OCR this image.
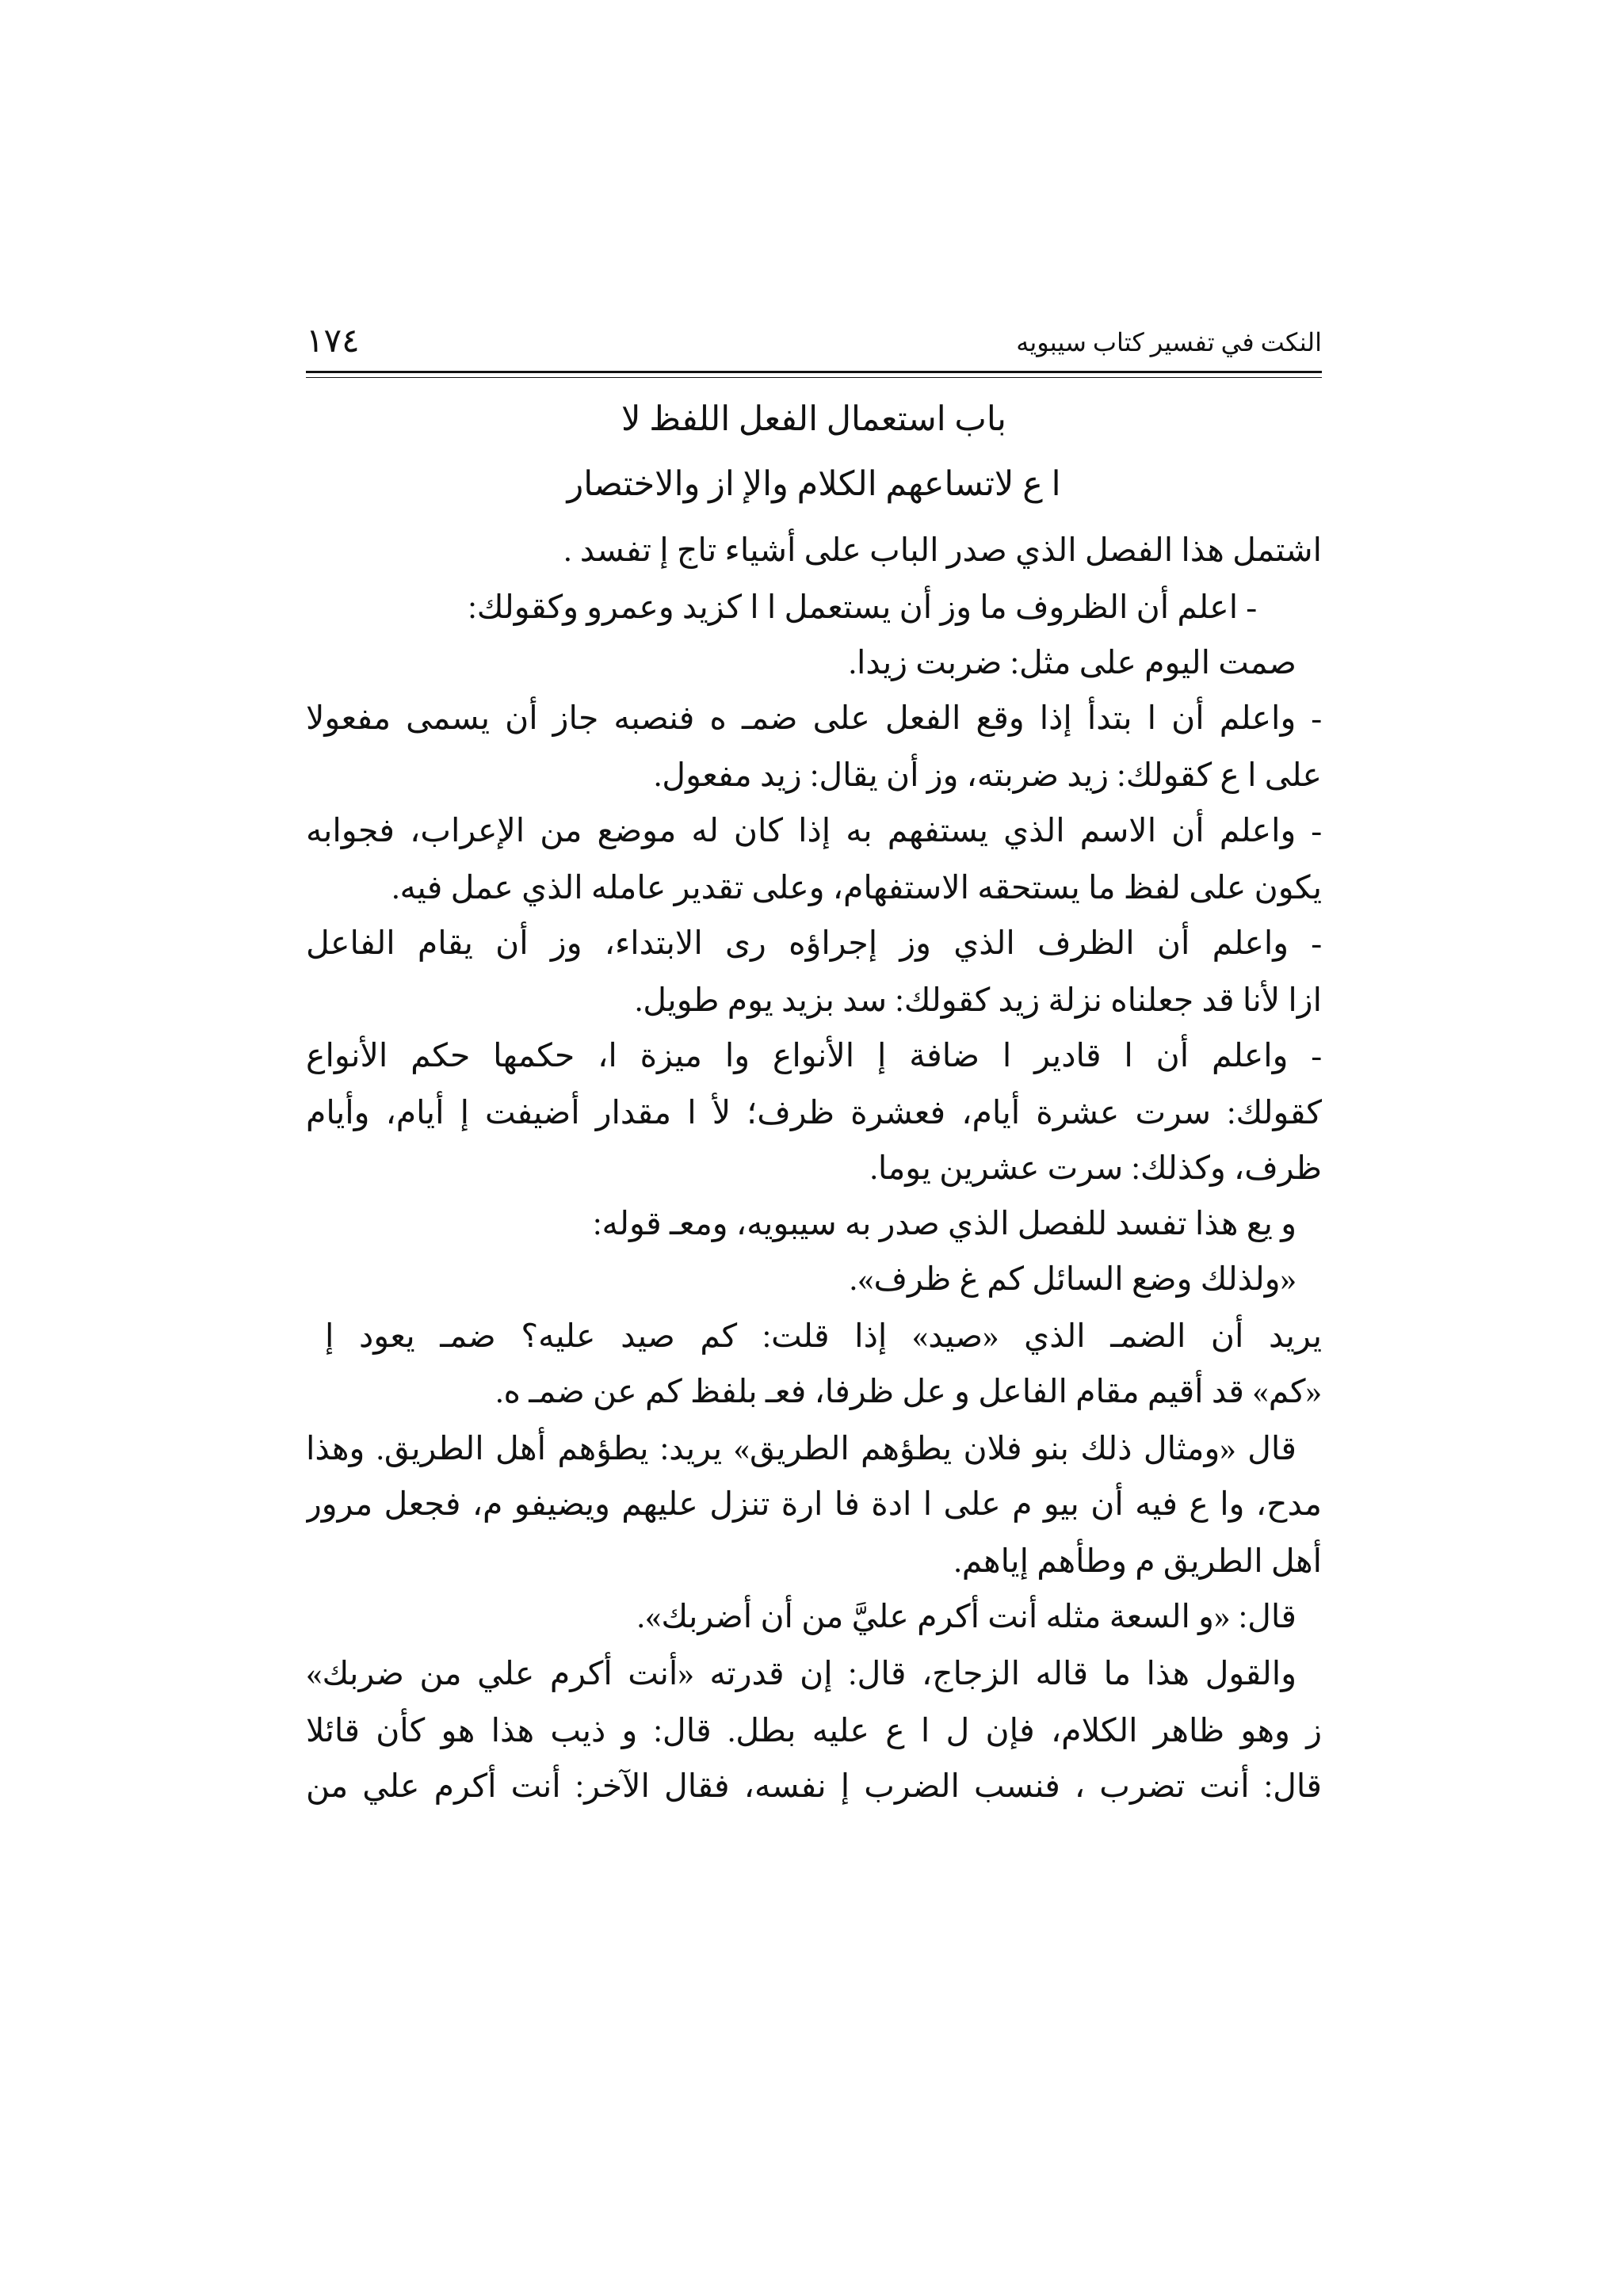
١٧٤	النكت في تفسير كتاب سيبويه
باب استعمال الفعل اللفظ لا
ا ع لاتساعهم الكلام والإ از والاختصار
اشتمل هذا الفصل الذي صدر الباب على أشياء تاج إ تفسد .
- اعلم أن الظروف ما وز أن يستعمل ا ا كزيد وعمرو وكقولك:
صمت اليوم على مثل: ضربت زيدا.
- واعلم أن ا بتدأ إذا وقع الفعل على ضمـ ه فنصبه جاز أن يسمى مفعولا
على ا ع كقولك: زيد ضربته، وز أن يقال: زيد مفعول.
- واعلم أن الاسم الذي يستفهم به إذا كان له موضع من الإعراب، فجوابه
يكون على لفظ ما يستحقه الاستفهام، وعلى تقدير عامله الذي عمل فيه.
- واعلم أن الظرف الذي وز إجراؤه رى الابتداء، وز أن يقام الفاعل
ازا لأنا قد جعلناه نزلة زيد كقولك: سد بزيد يوم طويل.
- واعلم أن ا قادير ا ضافة إ الأنواع وا ميزة ا، حكمها حكم الأنواع
كقولك: سرت عشرة أيام، فعشرة ظرف؛ لأ ا مقدار أضيفت إ أيام، وأيام
ظرف، وكذلك: سرت عشرين يوما.
و يع هذا تفسد للفصل الذي صدر به سيبويه، ومعـ قوله:
«ولذلك وضع السائل كم غ ظرف».
يريد أن الضمـ الذي «صيد» إذا قلت: كم صيد عليه؟ ضمـ يعود إ
«كم» قد أقيم مقام الفاعل و عل ظرفا، فعـ بلفظ كم عن ضمـ ه.
قال «ومثال ذلك بنو فلان يطؤهم الطريق» يريد: يطؤهم أهل الطريق. وهذا
مدح، وا ع فيه أن بيو م على ا ادة فا ارة تنزل عليهم ويضيفو م، فجعل مرور
أهل الطريق م وطأهم إياهم.
قال: «و السعة مثله أنت أكرم عليَّ من أن أضربك».
والقول هذا ما قاله الزجاج، قال: إن قدرته «أنت أكرم علي من ضربك»
ز وهو ظاهر الكلام، فإن ل ا ع عليه بطل. قال: و ذيب هذا هو كأن قائلا
قال: أنت تضرب ، فنسب الضرب إ نفسه، فقال الآخر: أنت أكرم علي من
